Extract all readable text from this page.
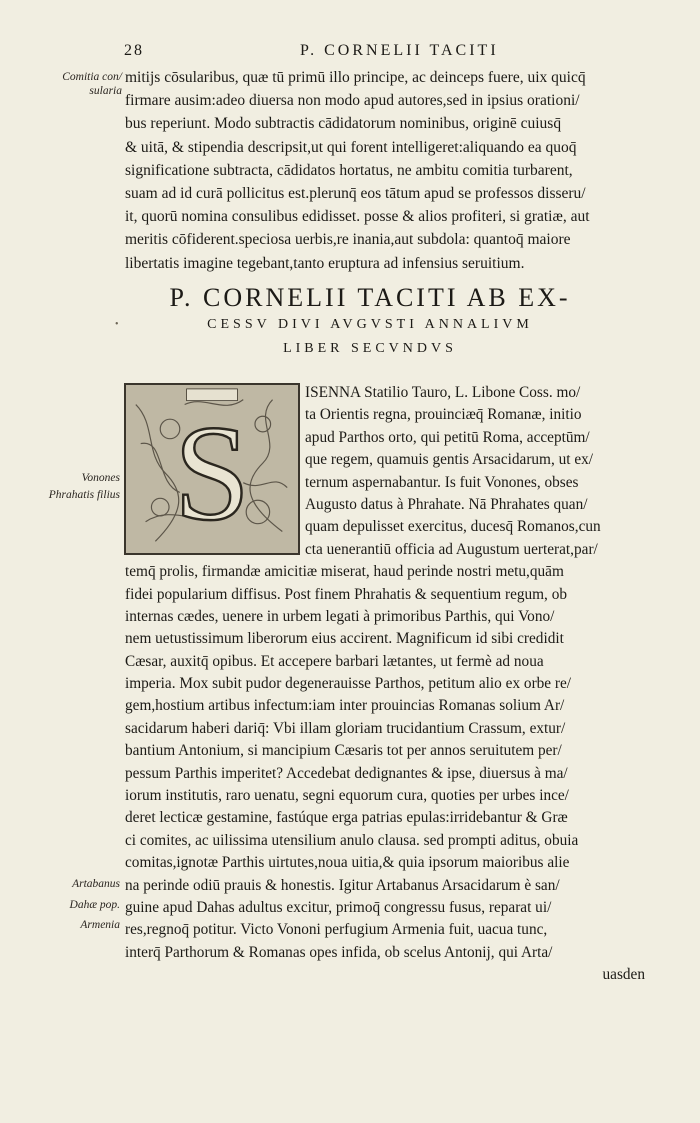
28	P. CORNELII TACITI
Comitia con/ sularia
Vonones Phrahatis filius
Artabanus
Dahæ pop.
Armenia
mitijs cōsularibus, quæ tū primū illo principe, ac deinceps fuere, uix quicq̄
firmare ausim:adeo diuersa non modo apud autores,sed in ipsius orationi/
bus reperiunt. Modo subtractis cādidatorum nominibus, originē cuiusq̄
& uitā, & stipendia descripsit,ut qui forent intelligeret:aliquando ea quoq̄
significatione subtracta, cādidatos hortatus, ne ambitu comitia turbarent,
suam ad id curā pollicitus est.plerunq̄ eos tātum apud se professos disseru/
it, quorū nomina consulibus edidisset. posse & alios profiteri, si gratiæ, aut
meritis cōfiderent.speciosa uerbis,re inania,aut subdola: quantoq̄ maiore
libertatis imagine tegebant,tanto eruptura ad infensius seruitium.
P. CORNELII TACITI AB EX-
CESSV DIVI AVGVSTI ANNALIVM
LIBER SECVNDVS
•
S
ISENNA Statilio Tauro, L. Libone Coss. mo/
ta Orientis regna, prouinciæq̄ Romanæ, initio
apud Parthos orto, qui petitū Roma, acceptūm/
que regem, quamuis gentis Arsacidarum, ut ex/
ternum aspernabantur. Is fuit Vonones, obses
Augusto datus à Phrahate. Nā Phrahates quan/
quam depulisset exercitus, ducesq̄ Romanos,cun
cta uenerantiū officia ad Augustum uerterat,par/
temq̄ prolis, firmandæ amicitiæ miserat, haud perinde nostri metu,quām
fidei popularium diffisus. Post finem Phrahatis & sequentium regum, ob
internas cædes, uenere in urbem legati à primoribus Parthis, qui Vono/
nem uetustissimum liberorum eius accirent. Magnificum id sibi credidit
Cæsar, auxitq̄ opibus. Et accepere barbari lætantes, ut fermè ad noua
imperia. Mox subit pudor degenerauisse Parthos, petitum alio ex orbe re/
gem,hostium artibus infectum:iam inter prouincias Romanas solium Ar/
sacidarum haberi dariq̄: Vbi illam gloriam trucidantium Crassum, extur/
bantium Antonium, si mancipium Cæsaris tot per annos seruitutem per/
pessum Parthis imperitet? Accedebat dedignantes & ipse, diuersus à ma/
iorum institutis, raro uenatu, segni equorum cura, quoties per urbes ince/
deret lecticæ gestamine, fastúque erga patrias epulas:irridebantur & Græ
ci comites, ac uilissima utensilium anulo clausa. sed prompti aditus, obuia
comitas,ignotæ Parthis uirtutes,noua uitia,& quia ipsorum maioribus alie
na perinde odiū prauis & honestis. Igitur Artabanus Arsacidarum è san/
guine apud Dahas adultus excitur, primoq̄ congressu fusus, reparat ui/
res,regnoq̄ potitur. Victo Vononi perfugium Armenia fuit, uacua tunc,
interq̄ Parthorum & Romanas opes infida, ob scelus Antonij, qui Arta/
uasden
